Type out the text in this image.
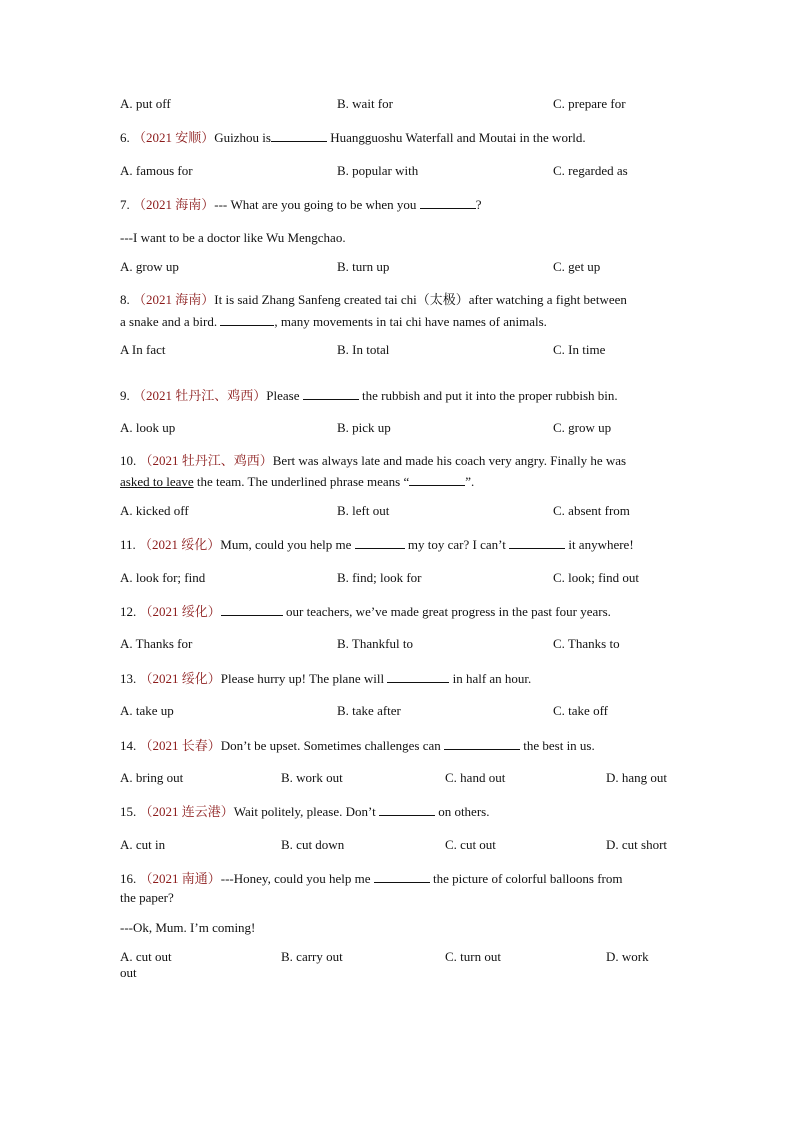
A. put off	B. wait for	C. prepare for
6. （2021 安顺）Guizhou is	Huangguoshu Waterfall and Moutai in the world.
A. famous for	B. popular with	C. regarded as
7. （2021 海南）--- What are you going to be when you	?
---I want to be a doctor like Wu Mengchao.
A. grow up	B. turn up	C. get up
8. （2021 海南）It is said Zhang Sanfeng created tai chi（太极）after watching a fight between
a snake and a bird.	, many movements in tai chi have names of animals.
A In fact	B. In total	C. In time
9. （2021 牡丹江、鸡西）Please	the rubbish and put it into the proper rubbish bin.
A. look up	B. pick up	C. grow up
10. （2021 牡丹江、鸡西）Bert was always late and made his coach very angry. Finally he was
asked to leave the team. The underlined phrase means “	”.
A. kicked off	B. left out	C. absent from
11. （2021 绥化）Mum, could you help me	my toy car? I can’t	it anywhere!
A. look for; find	B. find; look for	C. look; find out
12. （2021 绥化）	our teachers, we’ve made great progress in the past four years.
A. Thanks for	B. Thankful to	C. Thanks to
13. （2021 绥化）Please hurry up! The plane will	in half an hour.
A. take up	B. take after	C. take off
14. （2021 长春）Don’t be upset. Sometimes challenges can	the best in us.
A. bring out	B. work out	C. hand out	D. hang out
15. （2021 连云港）Wait politely, please. Don’t	on others.
A. cut in	B. cut down	C. cut out	D. cut short
16. （2021 南通）---Honey, could you help me	the picture of colorful balloons from
the paper?
---Ok, Mum. I’m coming!
A. cut out	B. carry out	C. turn out	D. work
out
